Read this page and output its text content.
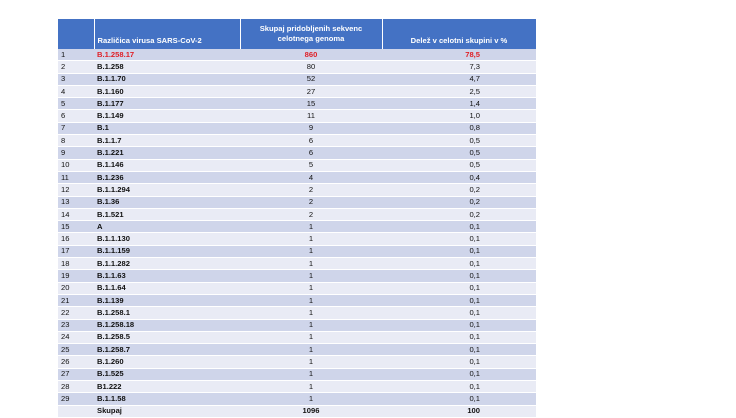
	Različica virusa SARS-CoV-2	Skupaj pridobljenih sekvenc celotnega genoma	Delež v celotni skupini v %
1	B.1.258.17	860	78,5
2	B.1.258	80	7,3
3	B.1.1.70	52	4,7
4	B.1.160	27	2,5
5	B.1.177	15	1,4
6	B.1.149	11	1,0
7	B.1	9	0,8
8	B.1.1.7	6	0,5
9	B.1.221	6	0,5
10	B.1.146	5	0,5
11	B.1.236	4	0,4
12	B.1.1.294	2	0,2
13	B.1.36	2	0,2
14	B.1.521	2	0,2
15	A	1	0,1
16	B.1.1.130	1	0,1
17	B.1.1.159	1	0,1
18	B.1.1.282	1	0,1
19	B.1.1.63	1	0,1
20	B.1.1.64	1	0,1
21	B.1.139	1	0,1
22	B.1.258.1	1	0,1
23	B.1.258.18	1	0,1
24	B.1.258.5	1	0,1
25	B.1.258.7	1	0,1
26	B.1.260	1	0,1
27	B.1.525	1	0,1
28	B1.222	1	0,1
29	B.1.1.58	1	0,1
	Skupaj	1096	100
